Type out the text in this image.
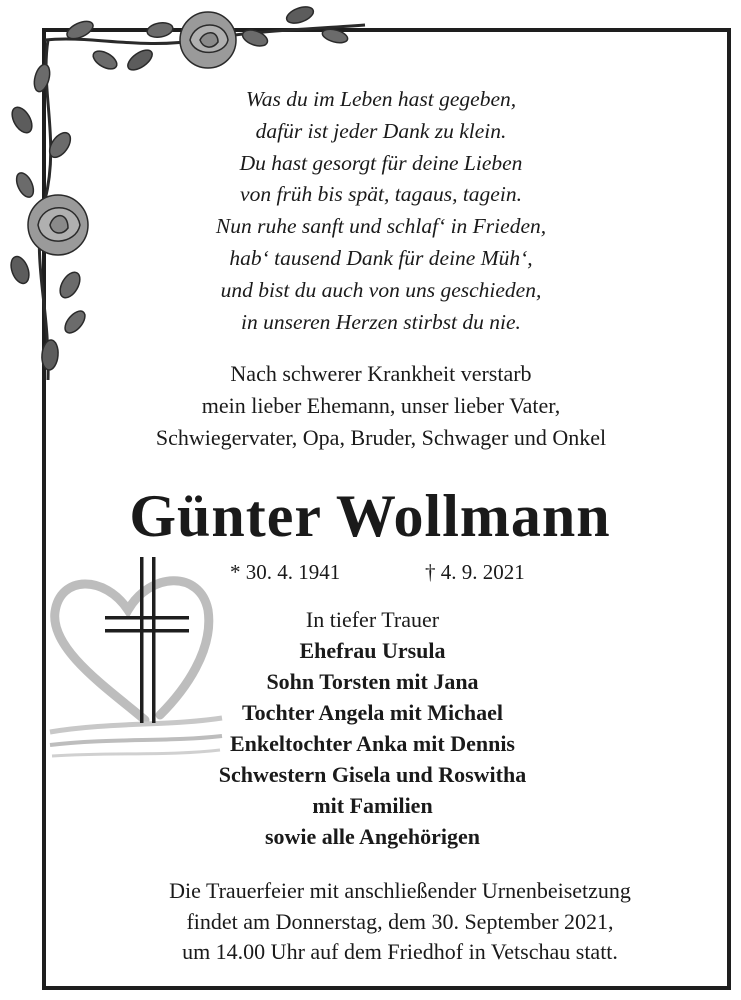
Was du im Leben hast gegeben,
dafür ist jeder Dank zu klein.
Du hast gesorgt für deine Lieben
von früh bis spät, tagaus, tagein.
Nun ruhe sanft und schlaf‘ in Frieden,
hab‘ tausend Dank für deine Müh‘,
und bist du auch von uns geschieden,
in unseren Herzen stirbst du nie.
Nach schwerer Krankheit verstarb
mein lieber Ehemann, unser lieber Vater,
Schwiegervater, Opa, Bruder, Schwager und Onkel
Günter Wollmann
* 30. 4. 1941	† 4. 9. 2021
In tiefer Trauer
Ehefrau Ursula
Sohn Torsten mit Jana
Tochter Angela mit Michael
Enkeltochter Anka mit Dennis
Schwestern Gisela und Roswitha
mit Familien
sowie alle Angehörigen
Die Trauerfeier mit anschließender Urnenbeisetzung
findet am Donnerstag, dem 30. September 2021,
um 14.00 Uhr auf dem Friedhof in Vetschau statt.
